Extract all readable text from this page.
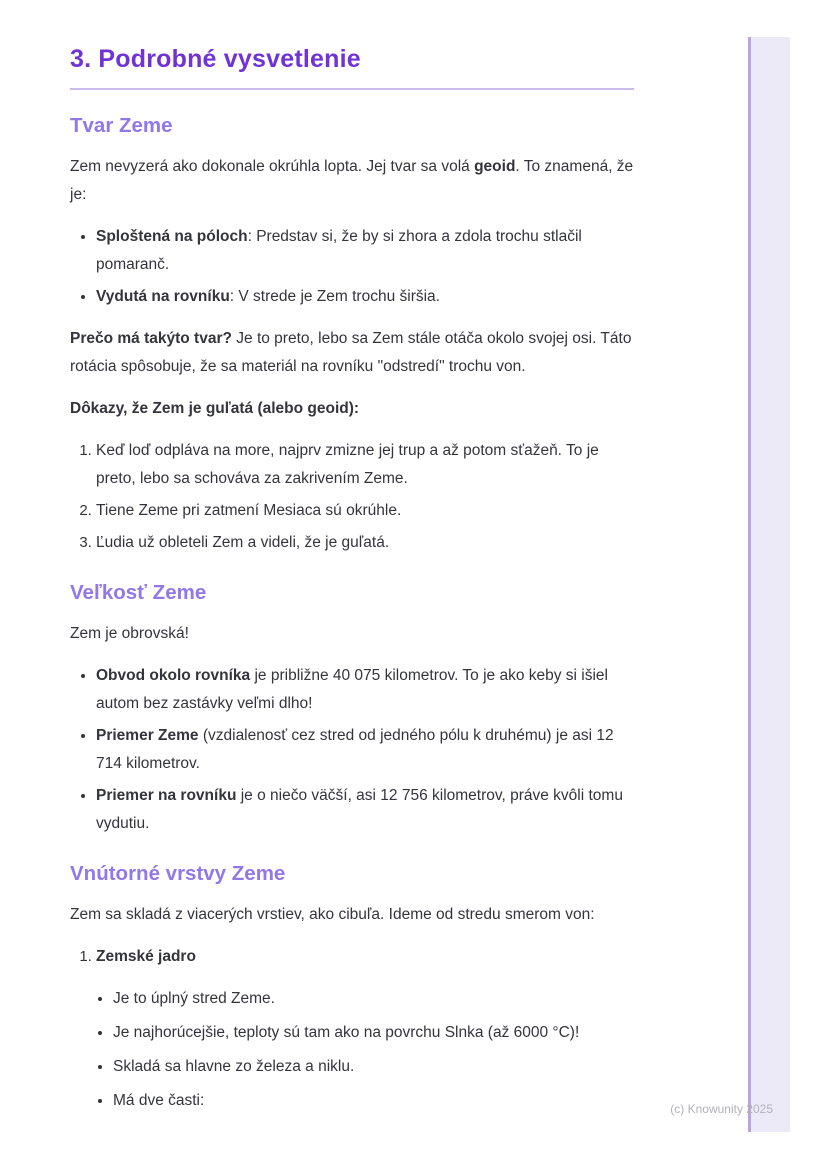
3. Podrobné vysvetlenie
Tvar Zeme

Zem nevyzerá ako dokonale okrúhla lopta. Jej tvar sa volá geoid. To znamená, že je:

• Sploštená na póloch: Predstav si, že by si zhora a zdola trochu stlačil pomaranč.
• Vydutá na rovníku: V strede je Zem trochu širšia.

Prečo má takýto tvar? Je to preto, lebo sa Zem stále otáča okolo svojej osi. Táto rotácia spôsobuje, že sa materiál na rovníku "odstredí" trochu von.

Dôkazy, že Zem je guľatá (alebo geoid):

1. Keď loď odpláva na more, najprv zmizne jej trup a až potom sťažeň. To je preto, lebo sa schováva za zakrivením Zeme.
2. Tiene Zeme pri zatmení Mesiaca sú okrúhle.
3. Ľudia už obleteli Zem a videli, že je guľatá.
Veľkosť Zeme

Zem je obrovská!

• Obvod okolo rovníka je približne 40 075 kilometrov. To je ako keby si išiel autom bez zastávky veľmi dlho!
• Priemer Zeme (vzdialenosť cez stred od jedného pólu k druhému) je asi 12 714 kilometrov.
• Priemer na rovníku je o niečo väčší, asi 12 756 kilometrov, práve kvôli tomu vydutiu.
Vnútorné vrstvy Zeme

Zem sa skladá z viacerých vrstiev, ako cibuľa. Ideme od stredu smerom von:

1. Zemské jadro
• Je to úplný stred Zeme.
• Je najhorúcejšie, teploty sú tam ako na povrchu Slnka (až 6000 °C)!
• Skladá sa hlavne zo železa a niklu.
• Má dve časti:	(c) Knowunity 2025
